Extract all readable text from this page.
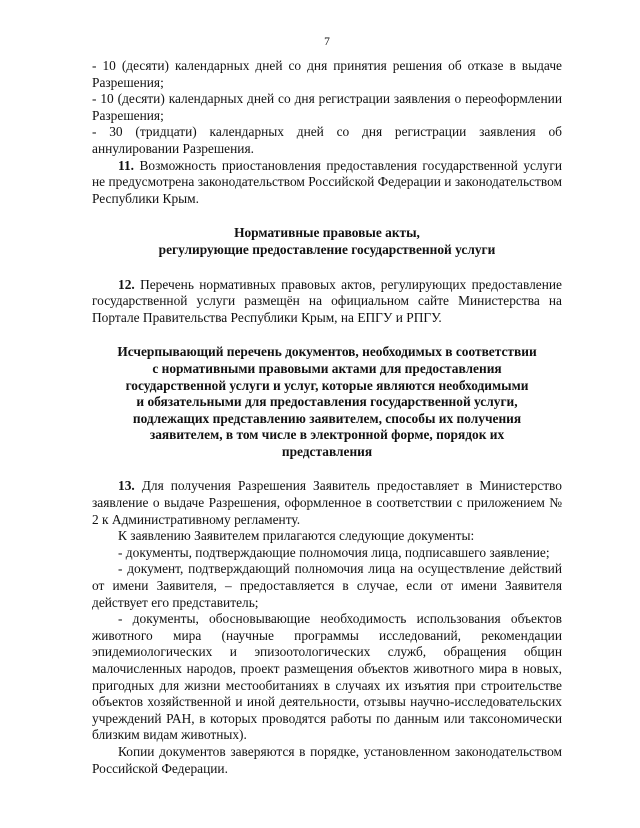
7

- 10 (десяти) календарных дней со дня принятия решения об отказе в выдаче Разрешения;

- 10 (десяти) календарных дней со дня регистрации заявления о переоформлении Разрешения;

- 30 (тридцати) календарных дней со дня регистрации заявления об аннулировании Разрешения.

11. Возможность приостановления предоставления государственной услуги не предусмотрена законодательством Российской Федерации и законодательством Республики Крым.

Нормативные правовые акты,
регулирующие предоставление государственной услуги

12. Перечень нормативных правовых актов, регулирующих предоставление государственной услуги размещён на официальном сайте Министерства на Портале Правительства Республики Крым, на ЕПГУ и РПГУ.

Исчерпывающий перечень документов, необходимых в соответствии
с нормативными правовыми актами для предоставления
государственной услуги и услуг, которые являются необходимыми
и обязательными для предоставления государственной услуги,
подлежащих представлению заявителем, способы их получения
заявителем, в том числе в электронной форме, порядок их
представления

13. Для получения Разрешения Заявитель предоставляет в Министерство заявление о выдаче Разрешения, оформленное в соответствии с приложением № 2 к Административному регламенту.

К заявлению Заявителем прилагаются следующие документы:

- документы, подтверждающие полномочия лица, подписавшего заявление;

- документ, подтверждающий полномочия лица на осуществление действий от имени Заявителя, – предоставляется в случае, если от имени Заявителя действует его представитель;

- документы, обосновывающие необходимость использования объектов животного мира (научные программы исследований, рекомендации эпидемиологических и эпизоотологических служб, обращения общин малочисленных народов, проект размещения объектов животного мира в новых, пригодных для жизни местообитаниях в случаях их изъятия при строительстве объектов хозяйственной и иной деятельности, отзывы научно-исследовательских учреждений РАН, в которых проводятся работы по данным или таксономически близким видам животных).

Копии документов заверяются в порядке, установленном законодательством Российской Федерации.
